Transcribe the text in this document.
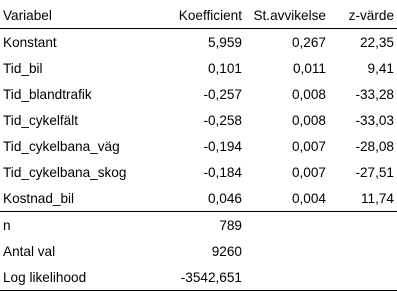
Variabel	Koefficient	St.avvikelse	z-värde
Konstant	5,959	0,267	22,35
Tid_bil	0,101	0,011	9,41
Tid_blandtrafik	-0,257	0,008	-33,28
Tid_cykelfält	-0,258	0,008	-33,03
Tid_cykelbana_väg	-0,194	0,007	-28,08
Tid_cykelbana_skog	-0,184	0,007	-27,51
Kostnad_bil	0,046	0,004	11,74
n	789		
Antal val	9260		
Log likelihood	-3542,651		
